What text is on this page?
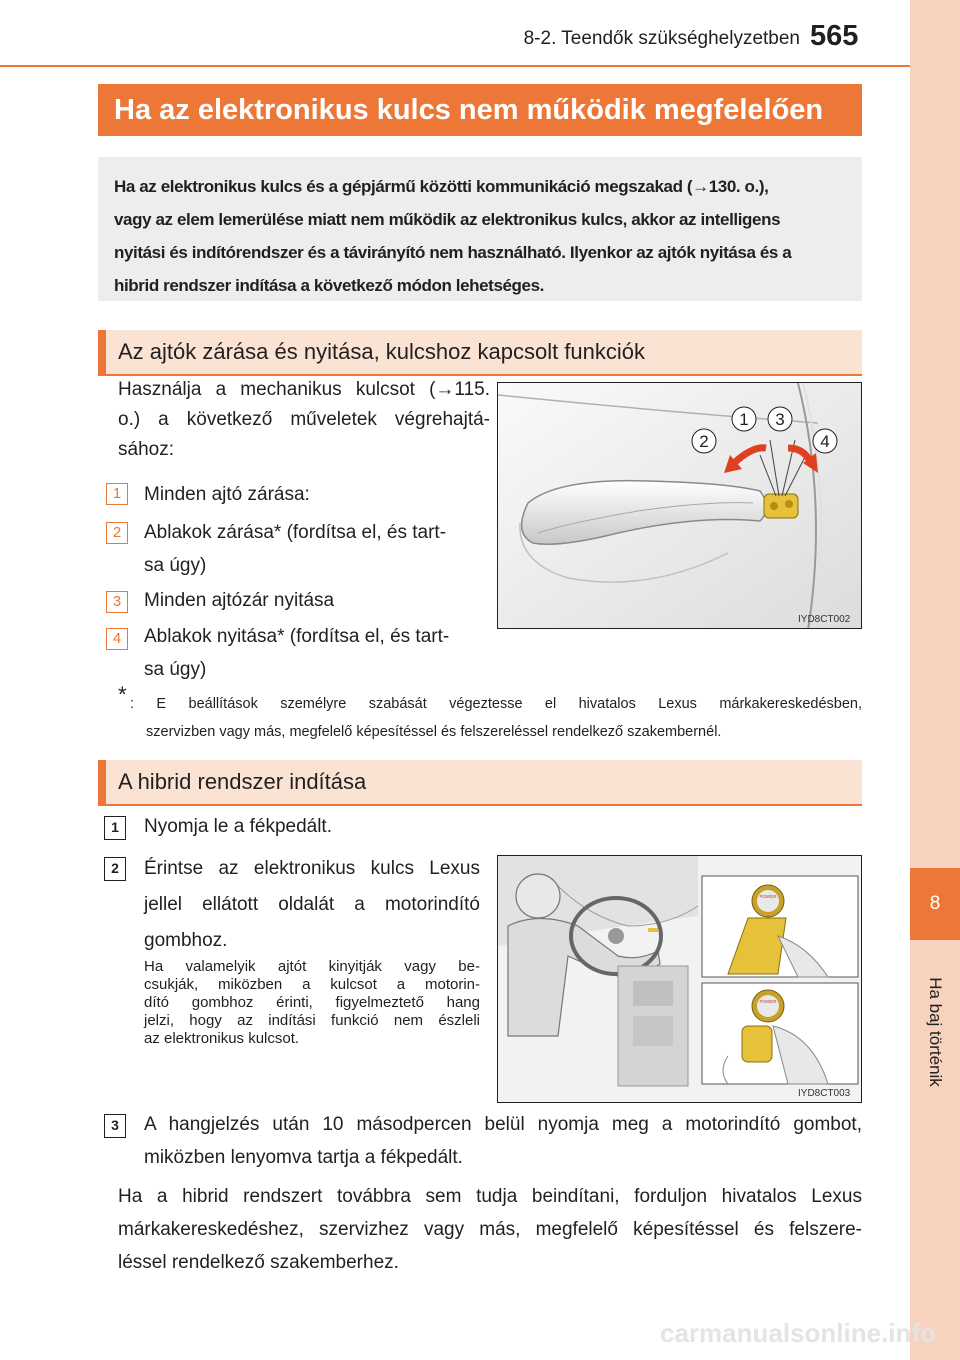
8
Ha baj történik
8-2. Teendők szükséghelyzetben 565
Ha az elektronikus kulcs nem működik megfelelően
Ha az elektronikus kulcs és a gépjármű közötti kommunikáció megszakad (→130. o.),
vagy az elem lemerülése miatt nem működik az elektronikus kulcs, akkor az intelligens
nyitási és indítórendszer és a távirányító nem használható. Ilyenkor az ajtók nyitása és a
hibrid rendszer indítása a következő módon lehetséges.
Az ajtók zárása és nyitása, kulcshoz kapcsolt funkciók
Használja a mechanikus kulcsot (→115.
o.) a következő műveletek végrehajtá-
sához:
1	Minden ajtó zárása:
2	Ablakok zárása* (fordítsa el, és tart-
sa úgy)
3	Minden ajtózár nyitása
4	Ablakok nyitása* (fordítsa el, és tart-
sa úgy)
2
1 3
4
IYD8CT002
* : E beállítások személyre szabását végeztesse el hivatalos Lexus márkakereskedésben,
szervizben vagy más, megfelelő képesítéssel és felszereléssel rendelkező szakembernél.
A hibrid rendszer indítása
1	Nyomja le a fékpedált.
2	Érintse az elektronikus kulcs Lexus
jellel ellátott oldalát a motorindító
gombhoz.
Ha valamelyik ajtót kinyitják vagy be-
csukják, miközben a kulcsot a motorin-
dító gombhoz érinti, figyelmeztető hang
jelzi, hogy az indítási funkció nem észleli
az elektronikus kulcsot.
POWER
POWER
IYD8CT003
3	A hangjelzés után 10 másodpercen belül nyomja meg a motorindító gombot,
miközben lenyomva tartja a fékpedált.
Ha a hibrid rendszert továbbra sem tudja beindítani, forduljon hivatalos Lexus
márkakereskedéshez, szervizhez vagy más, megfelelő képesítéssel és felszere-
léssel rendelkező szakemberhez.
carmanualsonline.info
